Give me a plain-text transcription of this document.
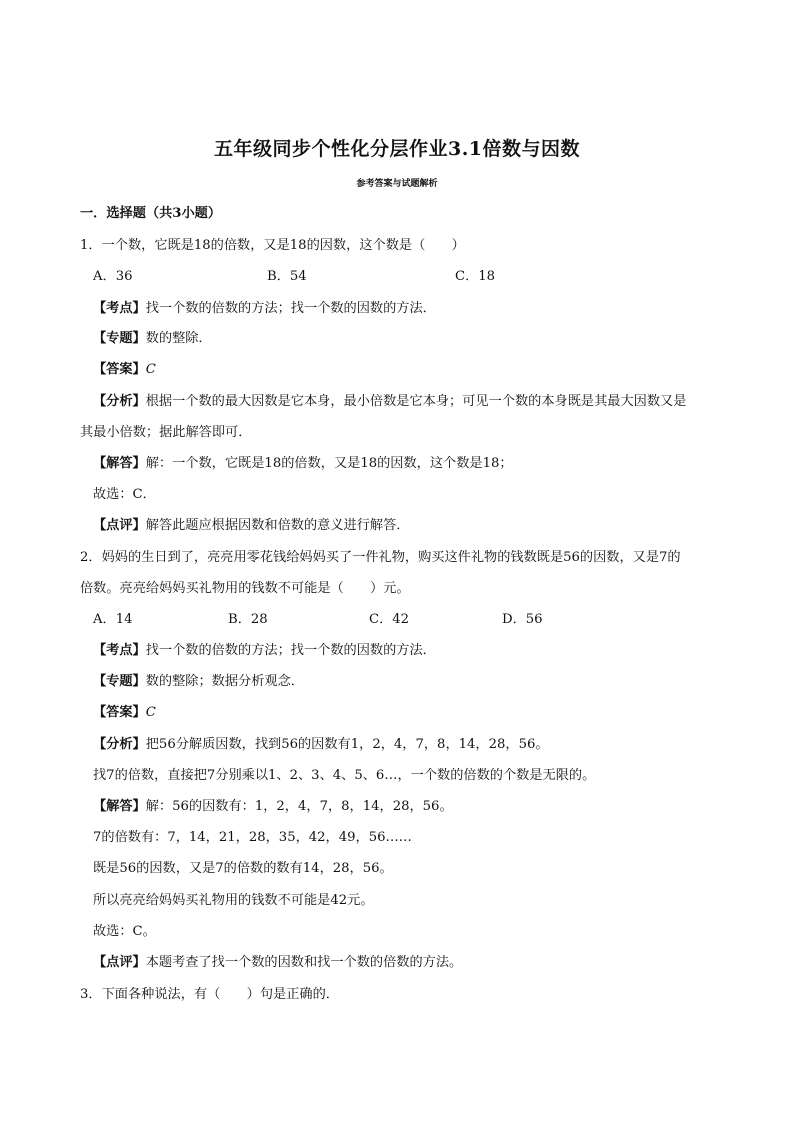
五年级同步个性化分层作业3.1倍数与因数
参考答案与试题解析
一．选择题（共3小题）
1．一个数，它既是18的倍数，又是18的因数，这个数是（　　）
A．36	B．54	C．18
【考点】找一个数的倍数的方法；找一个数的因数的方法．
【专题】数的整除．
【答案】C
【分析】根据一个数的最大因数是它本身，最小倍数是它本身；可见一个数的本身既是其最大因数又是
其最小倍数；据此解答即可．
【解答】解：一个数，它既是18的倍数，又是18的因数，这个数是18；
故选：C．
【点评】解答此题应根据因数和倍数的意义进行解答．
2．妈妈的生日到了，亮亮用零花钱给妈妈买了一件礼物，购买这件礼物的钱数既是56的因数，又是7的
倍数。亮亮给妈妈买礼物用的钱数不可能是（　　）元。
A．14	B．28	C．42	D．56
【考点】找一个数的倍数的方法；找一个数的因数的方法．
【专题】数的整除；数据分析观念．
【答案】C
【分析】把56分解质因数，找到56的因数有1，2，4，7，8，14，28，56。
找7的倍数，直接把7分别乘以1、2、3、4、5、6…，一个数的倍数的个数是无限的。
【解答】解：56的因数有：1，2，4，7，8，14，28，56。
7的倍数有：7，14，21，28，35，42，49，56……
既是56的因数，又是7的倍数的数有14，28，56。
所以亮亮给妈妈买礼物用的钱数不可能是42元。
故选：C。
【点评】本题考查了找一个数的因数和找一个数的倍数的方法。
3．下面各种说法，有（　　）句是正确的．
